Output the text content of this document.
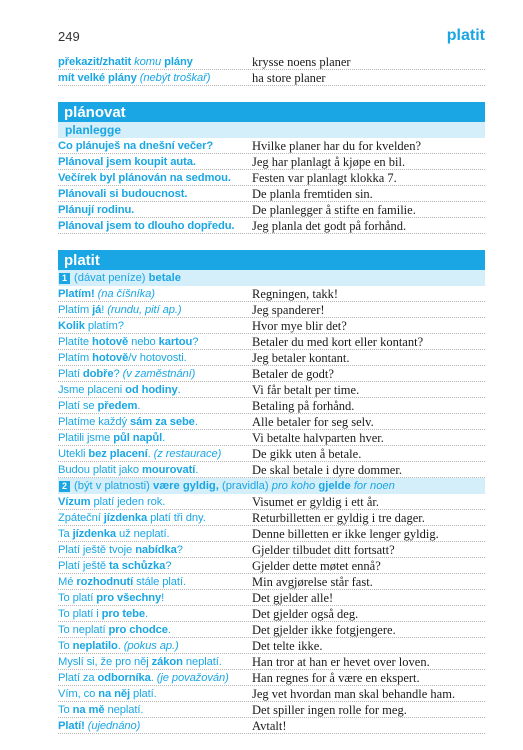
249	platit
překazit/zhatit komu plány	krysse noens planer
mít velké plány (nebýt troškař)	ha store planer
plánovat
planlegge
Co plánuješ na dnešní večer?	Hvilke planer har du for kvelden?
Plánoval jsem koupit auta.	Jeg har planlagt å kjøpe en bil.
Večírek byl plánován na sedmou.	Festen var planlagt klokka 7.
Plánovali si budoucnost.	De planla fremtiden sin.
Plánují rodinu.	De planlegger å stifte en familie.
Plánoval jsem to dlouho dopředu.	Jeg planla det godt på forhånd.
platit
1 (dávat peníze) betale
Platím! (na číšníka)	Regningen, takk!
Platím já! (rundu, pití ap.)	Jeg spanderer!
Kolik platím?	Hvor mye blir det?
Platíte hotově nebo kartou?	Betaler du med kort eller kontant?
Platím hotově/v hotovosti.	Jeg betaler kontant.
Platí dobře? (v zaměstnání)	Betaler de godt?
Jsme placeni od hodiny.	Vi får betalt per time.
Platí se předem.	Betaling på forhånd.
Platíme každý sám za sebe.	Alle betaler for seg selv.
Platili jsme půl napůl.	Vi betalte halvparten hver.
Utekli bez placení. (z restaurace)	De gikk uten å betale.
Budou platit jako mourovatí.	De skal betale i dyre dommer.
2 (být v platnosti) være gyldig, (pravidla) pro koho gjelde for noen
Vízum platí jeden rok.	Visumet er gyldig i ett år.
Zpáteční jízdenka platí tři dny.	Returbilletten er gyldig i tre dager.
Ta jízdenka už neplatí.	Denne billetten er ikke lenger gyldig.
Platí ještě tvoje nabídka?	Gjelder tilbudet ditt fortsatt?
Platí ještě ta schůzka?	Gjelder dette møtet ennå?
Mé rozhodnutí stále platí.	Min avgjørelse står fast.
To platí pro všechny!	Det gjelder alle!
To platí i pro tebe.	Det gjelder også deg.
To neplatí pro chodce.	Det gjelder ikke fotgjengere.
To neplatilo. (pokus ap.)	Det telte ikke.
Myslí si, že pro něj zákon neplatí.	Han tror at han er hevet over loven.
Platí za odborníka. (je považován)	Han regnes for å være en ekspert.
Vím, co na něj platí.	Jeg vet hvordan man skal behandle ham.
To na mě neplatí.	Det spiller ingen rolle for meg.
Platí! (ujednáno)	Avtalt!
